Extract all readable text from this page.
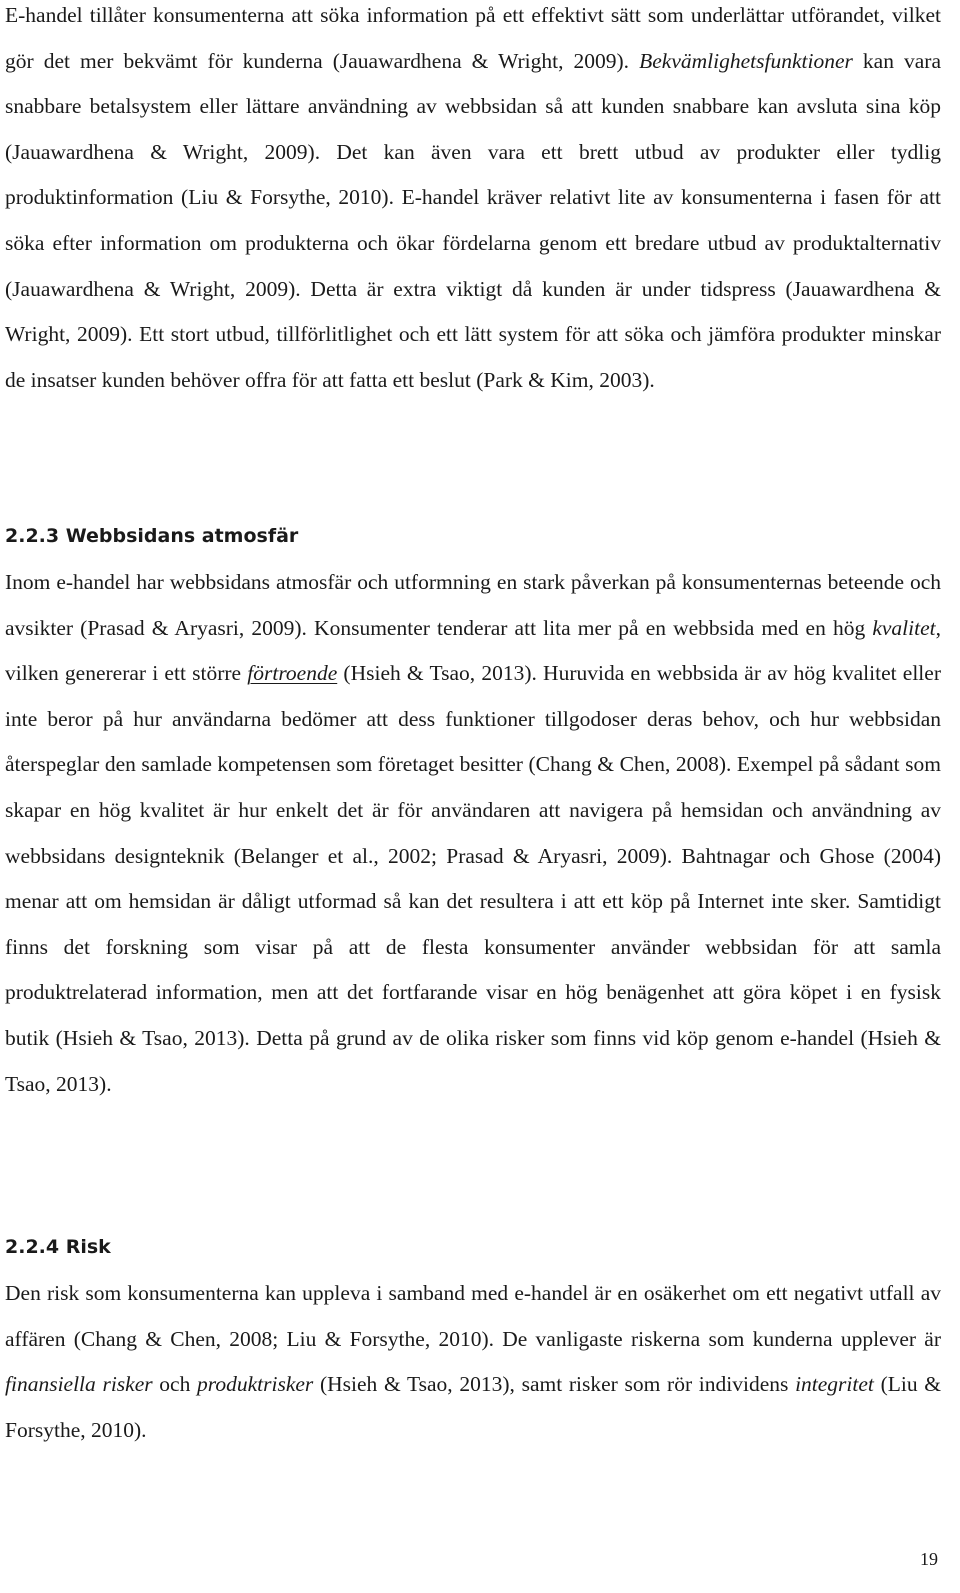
E-handel tillåter konsumenterna att söka information på ett effektivt sätt som underlättar utförandet, vilket gör det mer bekvämt för kunderna (Jauawardhena & Wright, 2009). Bekvämlighetsfunktioner kan vara snabbare betalsystem eller lättare användning av webbsidan så att kunden snabbare kan avsluta sina köp (Jauawardhena & Wright, 2009). Det kan även vara ett brett utbud av produkter eller tydlig produktinformation (Liu & Forsythe, 2010). E-handel kräver relativt lite av konsumenterna i fasen för att söka efter information om produkterna och ökar fördelarna genom ett bredare utbud av produktalternativ (Jauawardhena & Wright, 2009). Detta är extra viktigt då kunden är under tidspress (Jauawardhena & Wright, 2009). Ett stort utbud, tillförlitlighet och ett lätt system för att söka och jämföra produkter minskar de insatser kunden behöver offra för att fatta ett beslut (Park & Kim, 2003).

2.2.3 Webbsidans atmosfär

Inom e-handel har webbsidans atmosfär och utformning en stark påverkan på konsumenternas beteende och avsikter (Prasad & Aryasri, 2009). Konsumenter tenderar att lita mer på en webbsida med en hög kvalitet, vilken genererar i ett större förtroende (Hsieh & Tsao, 2013). Huruvida en webbsida är av hög kvalitet eller inte beror på hur användarna bedömer att dess funktioner tillgodoser deras behov, och hur webbsidan återspeglar den samlade kompetensen som företaget besitter (Chang & Chen, 2008). Exempel på sådant som skapar en hög kvalitet är hur enkelt det är för användaren att navigera på hemsidan och användning av webbsidans designteknik (Belanger et al., 2002; Prasad & Aryasri, 2009). Bahtnagar och Ghose (2004) menar att om hemsidan är dåligt utformad så kan det resultera i att ett köp på Internet inte sker. Samtidigt finns det forskning som visar på att de flesta konsumenter använder webbsidan för att samla produktrelaterad information, men att det fortfarande visar en hög benägenhet att göra köpet i en fysisk butik (Hsieh & Tsao, 2013). Detta på grund av de olika risker som finns vid köp genom e-handel (Hsieh & Tsao, 2013).

2.2.4 Risk

Den risk som konsumenterna kan uppleva i samband med e-handel är en osäkerhet om ett negativt utfall av affären (Chang & Chen, 2008; Liu & Forsythe, 2010). De vanligaste riskerna som kunderna upplever är finansiella risker och produktrisker (Hsieh & Tsao, 2013), samt risker som rör individens integritet (Liu & Forsythe, 2010).

19
